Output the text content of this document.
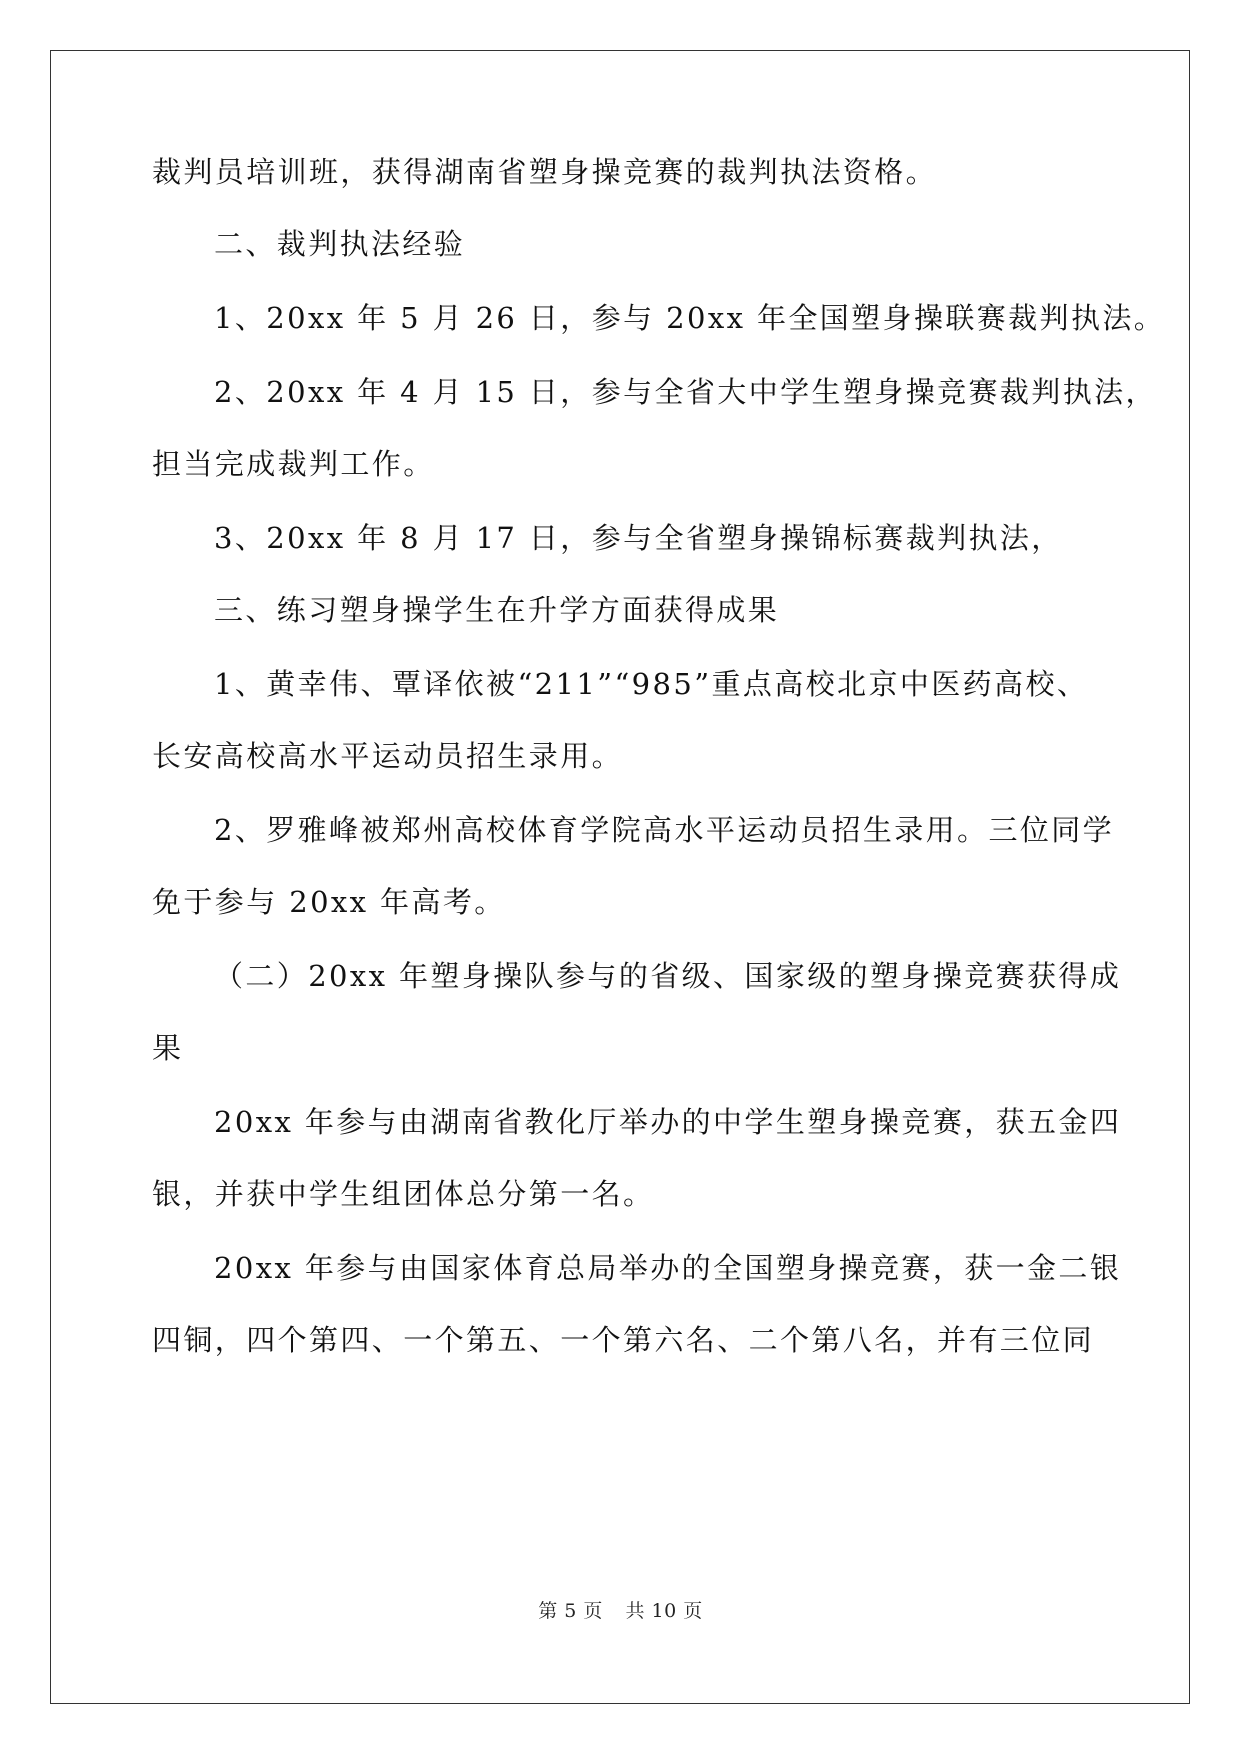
裁判员培训班，获得湖南省塑身操竞赛的裁判执法资格。
二、裁判执法经验
1、20xx 年 5 月 26 日，参与 20xx 年全国塑身操联赛裁判执法。
2、20xx 年 4 月 15 日，参与全省大中学生塑身操竞赛裁判执法，
担当完成裁判工作。
3、20xx 年 8 月 17 日，参与全省塑身操锦标赛裁判执法，
三、练习塑身操学生在升学方面获得成果
1、黄幸伟、覃译依被“211”“985”重点高校北京中医药高校、
长安高校高水平运动员招生录用。
2、罗雅峰被郑州高校体育学院高水平运动员招生录用。三位同学
免于参与 20xx 年高考。
（二）20xx 年塑身操队参与的省级、国家级的塑身操竞赛获得成
果
20xx 年参与由湖南省教化厅举办的中学生塑身操竞赛，获五金四
银，并获中学生组团体总分第一名。
20xx 年参与由国家体育总局举办的全国塑身操竞赛，获一金二银
四铜，四个第四、一个第五、一个第六名、二个第八名，并有三位同
第 5 页 共 10 页
